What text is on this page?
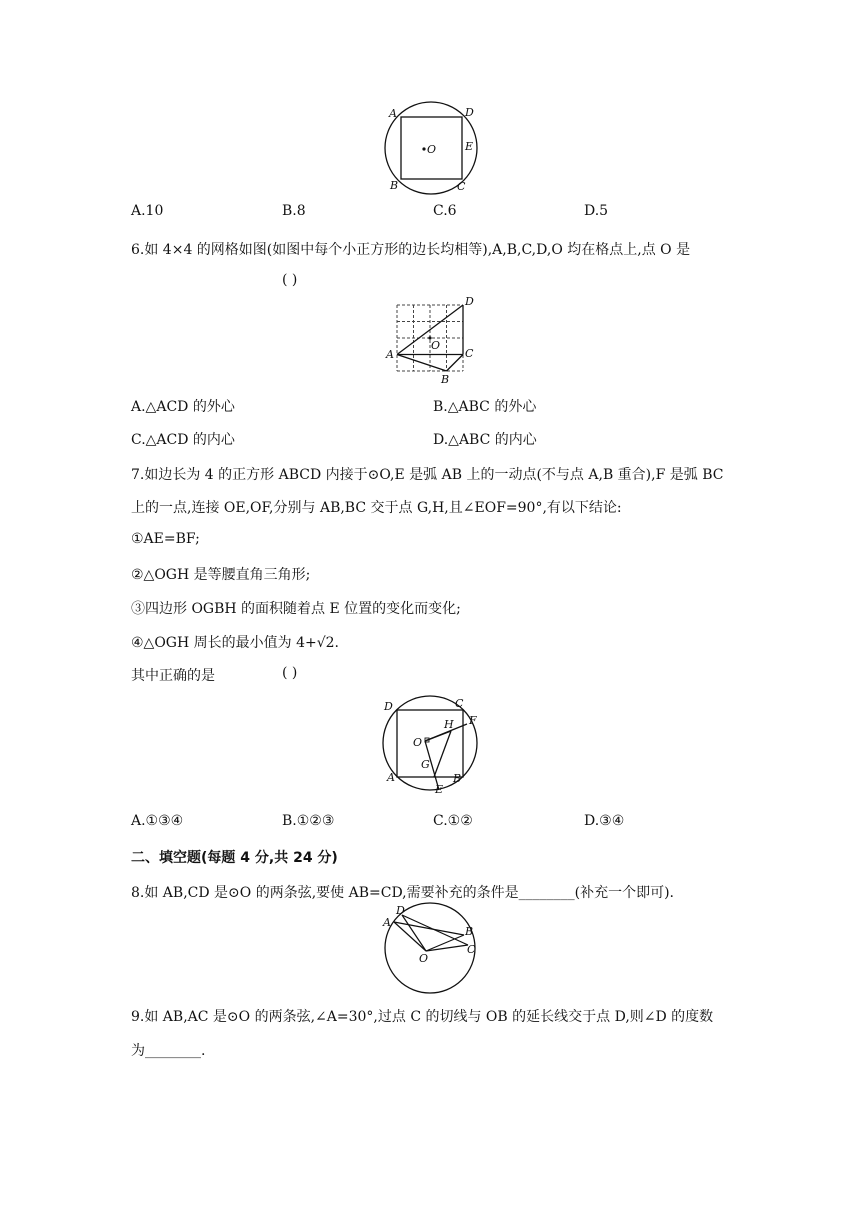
A	D
O	E
B	C
A.10	B.8	C.6	D.5
6.如 4×4 的网格如图(如图中每个小正方形的边长均相等),A,B,C,D,O 均在格点上,点 O 是
( )
D
O
A	C
B
A.△ACD 的外心	B.△ABC 的外心
C.△ACD 的内心	D.△ABC 的内心
7.如边长为 4 的正方形 ABCD 内接于⊙O,E 是弧 AB 上的一动点(不与点 A,B 重合),F 是弧 BC
上的一点,连接 OE,OF,分别与 AB,BC 交于点 G,H,且∠EOF=90°,有以下结论:
①AE=BF;
②△OGH 是等腰直角三角形;
③四边形 OGBH 的面积随着点 E 位置的变化而变化;
④△OGH 周长的最小值为 4+√2.
其中正确的是	( )
D	C
H F
O
G
A	B
E
A.①③④	B.①②③	C.①②	D.③④
二、填空题(每题 4 分,共 24 分)
8.如 AB,CD 是⊙O 的两条弦,要使 AB=CD,需要补充的条件是________(补充一个即可).
D
A
B
C
O
9.如 AB,AC 是⊙O 的两条弦,∠A=30°,过点 C 的切线与 OB 的延长线交于点 D,则∠D 的度数
为________.
